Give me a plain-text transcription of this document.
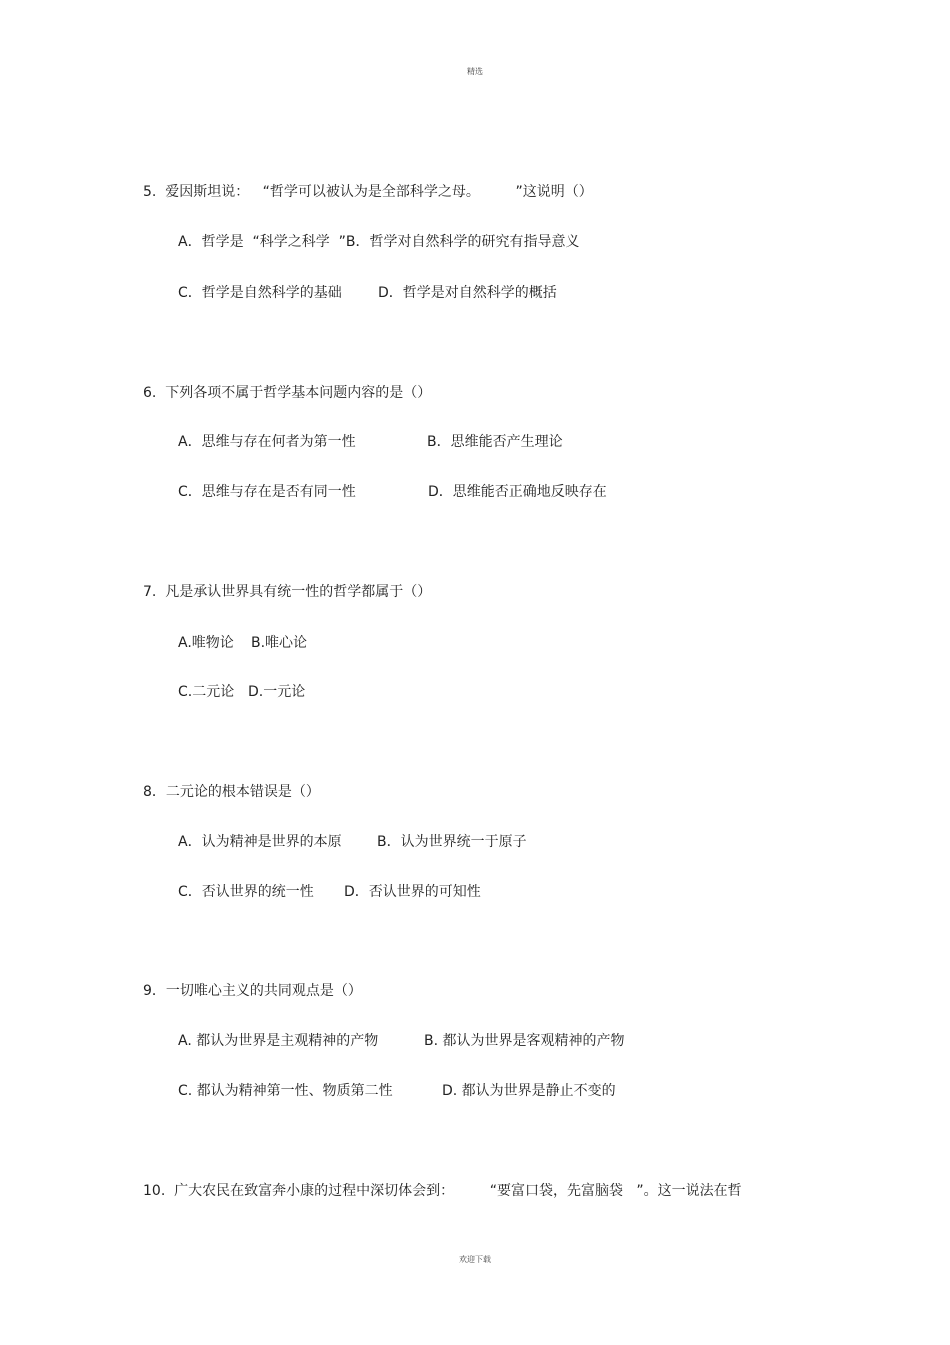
精选
5.  爱因斯坦说：   “哲学可以被认为是全部科学之母。        ”这说明（）
A．哲学是  “科学之科学  ”B．哲学对自然科学的研究有指导意义
C．哲学是自然科学的基础	D．哲学是对自然科学的概括
6.  下列各项不属于哲学基本问题内容的是（）
A．思维与存在何者为第一性	B．思维能否产生理论
C．思维与存在是否有同一性	D．思维能否正确地反映存在
7.  凡是承认世界具有统一性的哲学都属于（）
A.唯物论 B.唯心论
C.二元论 D.一元论
8．二元论的根本错误是（）
A．认为精神是世界的本原	B．认为世界统一于原子
C．否认世界的统一性 D．否认世界的可知性
9．一切唯心主义的共同观点是（）
A. 都认为世界是主观精神的产物	B. 都认为世界是客观精神的产物
C. 都认为精神第一性、物质第二性	D. 都认为世界是静止不变的
10.  广大农民在致富奔小康的过程中深切体会到：        “要富口袋，先富脑袋   ”。这一说法在哲
欢迎下载
